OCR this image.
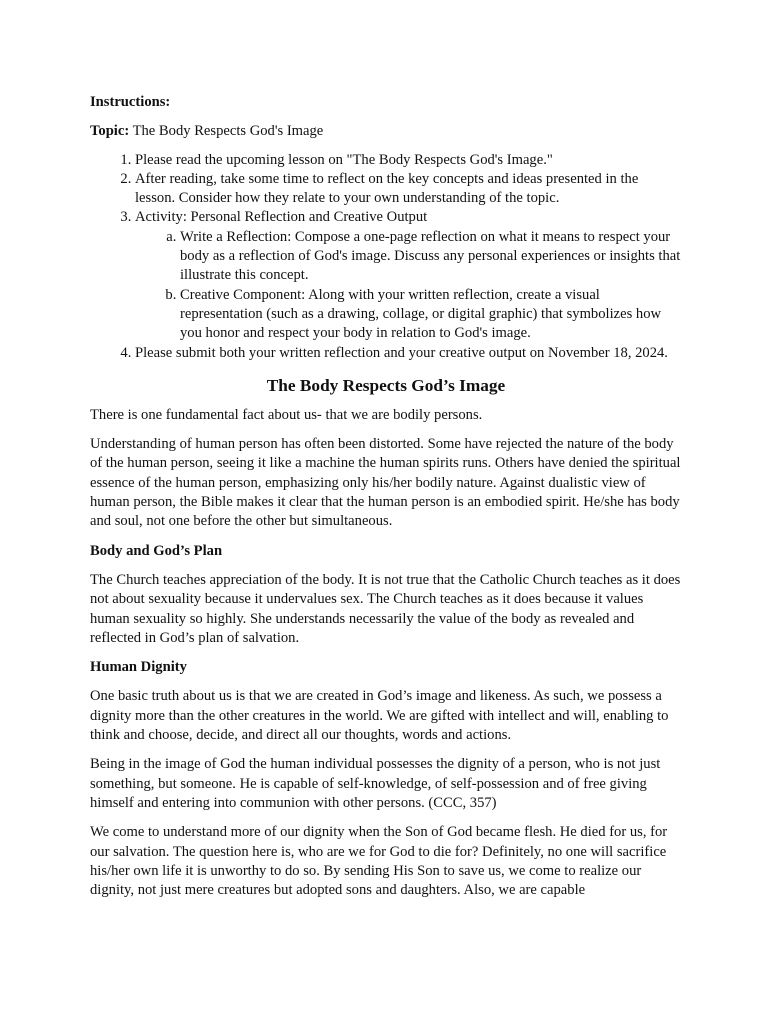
Instructions:

Topic: The Body Respects God's Image

1. Please read the upcoming lesson on "The Body Respects God's Image."
2. After reading, take some time to reflect on the key concepts and ideas presented in the lesson. Consider how they relate to your own understanding of the topic.
3. Activity: Personal Reflection and Creative Output
a. Write a Reflection: Compose a one-page reflection on what it means to respect your body as a reflection of God's image. Discuss any personal experiences or insights that illustrate this concept.
b. Creative Component: Along with your written reflection, create a visual representation (such as a drawing, collage, or digital graphic) that symbolizes how you honor and respect your body in relation to God's image.
4. Please submit both your written reflection and your creative output on November 18, 2024.

The Body Respects God’s Image

There is one fundamental fact about us- that we are bodily persons.

Understanding of human person has often been distorted. Some have rejected the nature of the body of the human person, seeing it like a machine the human spirits runs. Others have denied the spiritual essence of the human person, emphasizing only his/her bodily nature. Against dualistic view of human person, the Bible makes it clear that the human person is an embodied spirit. He/she has body and soul, not one before the other but simultaneous.

Body and God’s Plan

The Church teaches appreciation of the body. It is not true that the Catholic Church teaches as it does not about sexuality because it undervalues sex. The Church teaches as it does because it values human sexuality so highly. She understands necessarily the value of the body as revealed and reflected in God’s plan of salvation.

Human Dignity

One basic truth about us is that we are created in God’s image and likeness. As such, we possess a dignity more than the other creatures in the world. We are gifted with intellect and will, enabling to think and choose, decide, and direct all our thoughts, words and actions.

Being in the image of God the human individual possesses the dignity of a person, who is not just something, but someone. He is capable of self-knowledge, of self-possession and of free giving himself and entering into communion with other persons. (CCC, 357)

We come to understand more of our dignity when the Son of God became flesh. He died for us, for our salvation. The question here is, who are we for God to die for? Definitely, no one will sacrifice his/her own life it is unworthy to do so. By sending His Son to save us, we come to realize our dignity, not just mere creatures but adopted sons and daughters. Also, we are capable
